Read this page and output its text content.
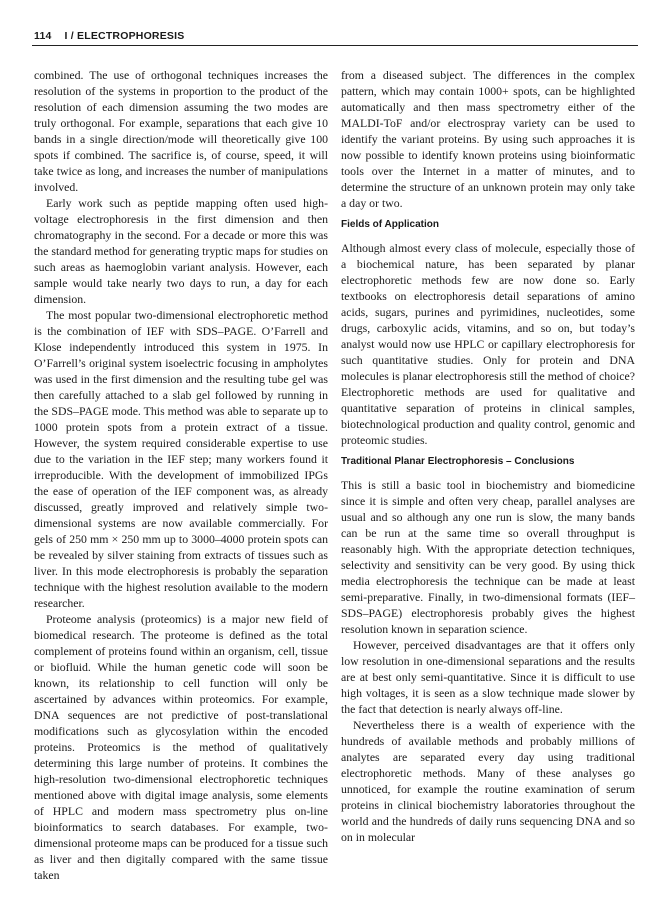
114 I / ELECTROPHORESIS

combined. The use of orthogonal techniques increases the resolution of the systems in proportion to the product of the resolution of each dimension assuming the two modes are truly orthogonal. For example, separations that each give 10 bands in a single direction/mode will theoretically give 100 spots if combined. The sacrifice is, of course, speed, it will take twice as long, and increases the number of manipulations involved.

Early work such as peptide mapping often used high-voltage electrophoresis in the first dimension and then chromatography in the second. For a decade or more this was the standard method for generating tryptic maps for studies on such areas as haemoglobin variant analysis. However, each sample would take nearly two days to run, a day for each dimension.

The most popular two-dimensional electrophoretic method is the combination of IEF with SDS–PAGE. O’Farrell and Klose independently introduced this system in 1975. In O’Farrell’s original system isoelectric focusing in ampholytes was used in the first dimension and the resulting tube gel was then carefully attached to a slab gel followed by running in the SDS–PAGE mode. This method was able to separate up to 1000 protein spots from a protein extract of a tissue. However, the system required considerable expertise to use due to the variation in the IEF step; many workers found it irreproducible. With the development of immobilized IPGs the ease of operation of the IEF component was, as already discussed, greatly improved and relatively simple two-dimensional systems are now available commercially. For gels of 250 mm × 250 mm up to 3000–4000 protein spots can be revealed by silver staining from extracts of tissues such as liver. In this mode electrophoresis is probably the separation technique with the highest resolution available to the modern researcher.

Proteome analysis (proteomics) is a major new field of biomedical research. The proteome is defined as the total complement of proteins found within an organism, cell, tissue or biofluid. While the human genetic code will soon be known, its relationship to cell function will only be ascertained by advances within proteomics. For example, DNA sequences are not predictive of post-translational modifications such as glycosylation within the encoded proteins. Proteomics is the method of qualitatively determining this large number of proteins. It combines the high-resolution two-dimensional electrophoretic techniques mentioned above with digital image analysis, some elements of HPLC and modern mass spectrometry plus on-line bioinformatics to search databases. For example, two-dimensional proteome maps can be produced for a tissue such as liver and then digitally compared with the same tissue taken

from a diseased subject. The differences in the complex pattern, which may contain 1000+ spots, can be highlighted automatically and then mass spectrometry either of the MALDI-ToF and/or electrospray variety can be used to identify the variant proteins. By using such approaches it is now possible to identify known proteins using bioinformatic tools over the Internet in a matter of minutes, and to determine the structure of an unknown protein may only take a day or two.

Fields of Application

Although almost every class of molecule, especially those of a biochemical nature, has been separated by planar electrophoretic methods few are now done so. Early textbooks on electrophoresis detail separations of amino acids, sugars, purines and pyrimidines, nucleotides, some drugs, carboxylic acids, vitamins, and so on, but today’s analyst would now use HPLC or capillary electrophoresis for such quantitative studies. Only for protein and DNA molecules is planar electrophoresis still the method of choice? Electrophoretic methods are used for qualitative and quantitative separation of proteins in clinical samples, biotechnological production and quality control, genomic and proteomic studies.

Traditional Planar Electrophoresis – Conclusions

This is still a basic tool in biochemistry and biomedicine since it is simple and often very cheap, parallel analyses are usual and so although any one run is slow, the many bands can be run at the same time so overall throughput is reasonably high. With the appropriate detection techniques, selectivity and sensitivity can be very good. By using thick media electrophoresis the technique can be made at least semi-preparative. Finally, in two-dimensional formats (IEF–SDS–PAGE) electrophoresis probably gives the highest resolution known in separation science.

However, perceived disadvantages are that it offers only low resolution in one-dimensional separations and the results are at best only semi-quantitative. Since it is difficult to use high voltages, it is seen as a slow technique made slower by the fact that detection is nearly always off-line.

Nevertheless there is a wealth of experience with the hundreds of available methods and probably millions of analytes are separated every day using traditional electrophoretic methods. Many of these analyses go unnoticed, for example the routine examination of serum proteins in clinical biochemistry laboratories throughout the world and the hundreds of daily runs sequencing DNA and so on in molecular
